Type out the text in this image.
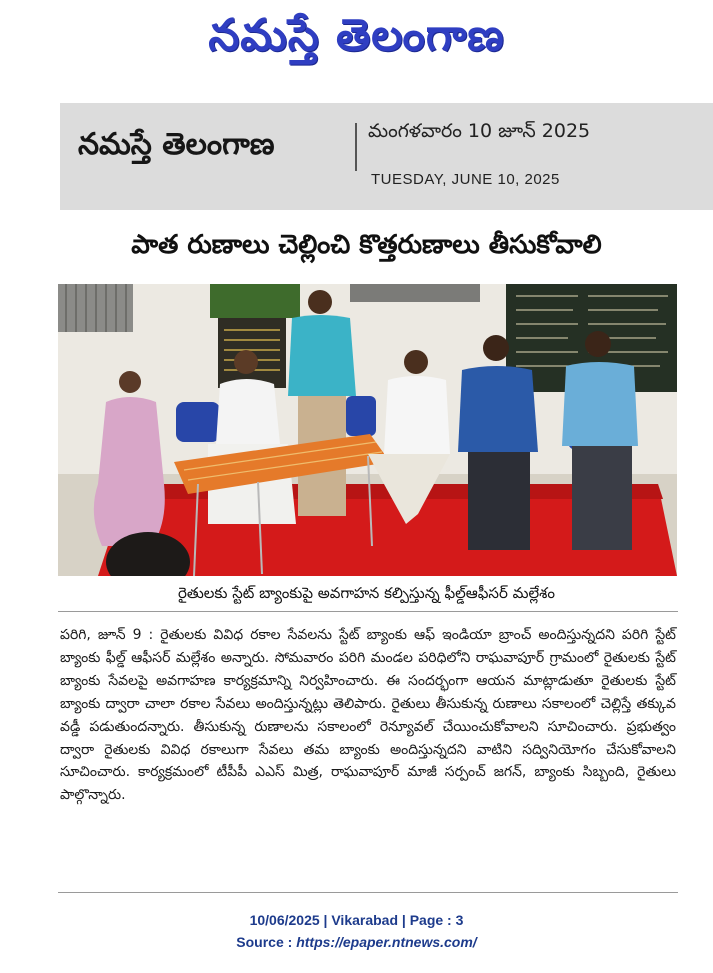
నమస్తే తెలంగాణ
నమస్తే తెలంగాణ	మంగళవారం 10 జూన్ 2025
TUESDAY, JUNE 10, 2025
పాత రుణాలు చెల్లించి కొత్తరుణాలు తీసుకోవాలి
రైతులకు స్టేట్ బ్యాంకుపై అవగాహన కల్పిస్తున్న ఫీల్డ్ఆఫీసర్ మల్లేశం

పరిగి, జూన్ 9 : రైతులకు వివిధ రకాల సేవలను స్టేట్ బ్యాంకు ఆఫ్ ఇండియా బ్రాంచ్ అందిస్తున్నదని పరిగి స్టేట్ బ్యాంకు ఫీల్డ్ ఆఫీసర్ మల్లేశం అన్నారు. సోమవారం పరిగి మండల పరిధిలోని రాఘవాపూర్ గ్రామంలో రైతులకు స్టేట్ బ్యాంకు సేవలపై అవగాహణ కార్యక్రమాన్ని నిర్వహించారు. ఈ సందర్భంగా ఆయన మాట్లాడుతూ రైతులకు స్టేట్ బ్యాంకు ద్వారా చాలా రకాల సేవలు అందిస్తున్నట్లు తెలిపారు. రైతులు తీసుకున్న రుణాలు సకాలంలో చెల్లిస్తే తక్కువ వడ్డీ పడుతుందన్నారు. తీసుకున్న రుణాలను సకాలంలో రెన్యూవల్ చేయించుకోవాలని సూచించారు. ప్రభుత్వం ద్వారా రైతులకు వివిధ రకాలుగా సేవలు తమ బ్యాంకు అందిస్తున్నదని వాటిని సద్వినియోగం చేసుకోవాలని సూచించారు. కార్యక్రమంలో టీపీపీ ఎఎస్ మిత్ర, రాఘవాపూర్ మాజీ సర్పంచ్ జగన్, బ్యాంకు సిబ్బంది, రైతులు పాల్గొన్నారు.

10/06/2025 | Vikarabad | Page : 3
Source : https://epaper.ntnews.com/
